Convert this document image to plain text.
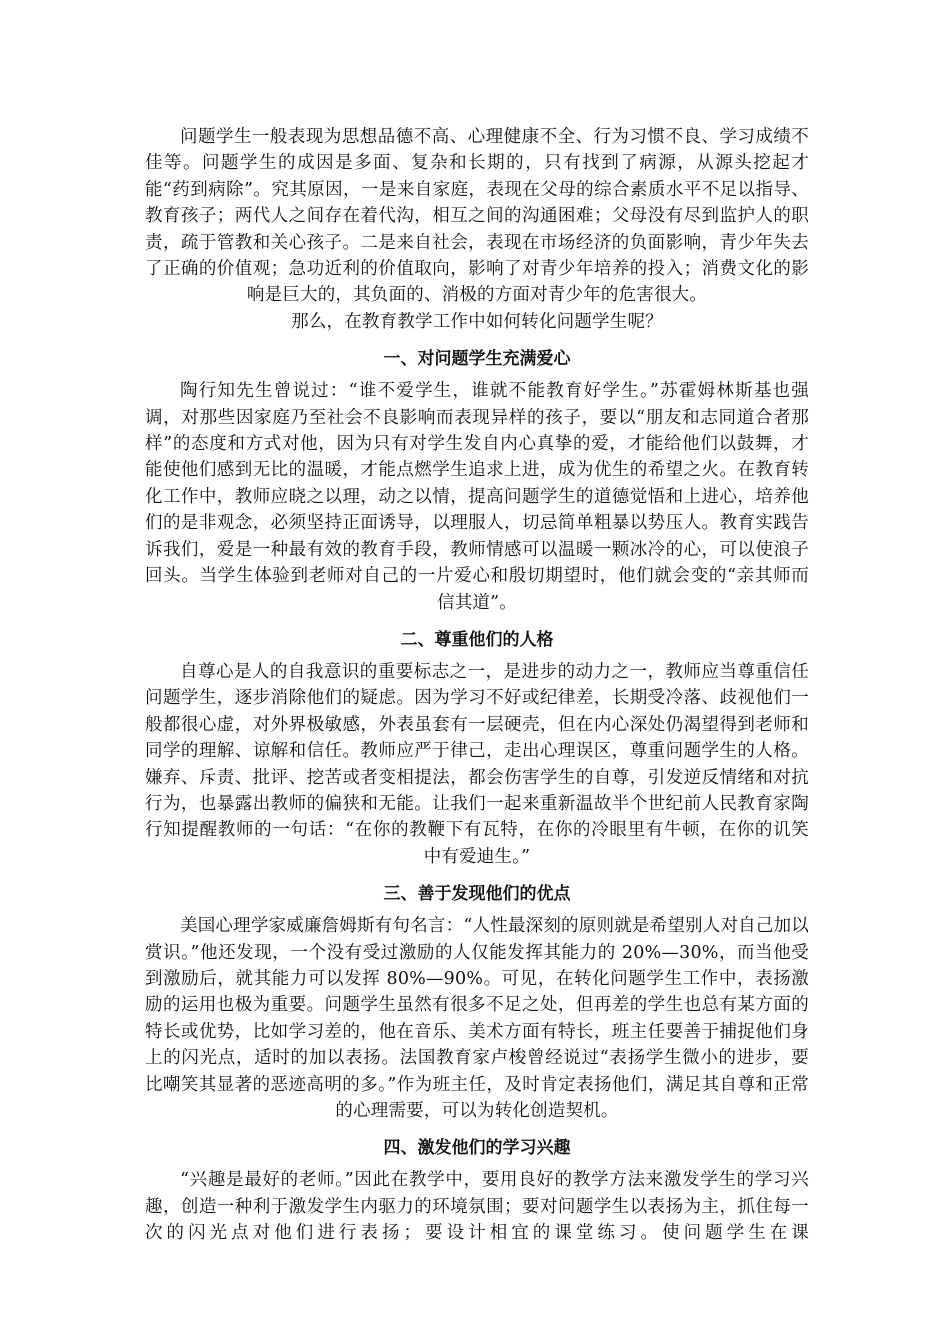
问题学生一般表现为思想品德不高、心理健康不全、行为习惯不良、学习成绩不佳等。问题学生的成因是多面、复杂和长期的，只有找到了病源，从源头挖起才能“药到病除”。究其原因，一是来自家庭，表现在父母的综合素质水平不足以指导、教育孩子；两代人之间存在着代沟，相互之间的沟通困难；父母没有尽到监护人的职责，疏于管教和关心孩子。二是来自社会，表现在市场经济的负面影响，青少年失去了正确的价值观；急功近利的价值取向，影响了对青少年培养的投入；消费文化的影响是巨大的，其负面的、消极的方面对青少年的危害很大。

那么，在教育教学工作中如何转化问题学生呢？

一、对问题学生充满爱心

陶行知先生曾说过：“谁不爱学生，谁就不能教育好学生。”苏霍姆林斯基也强调，对那些因家庭乃至社会不良影响而表现异样的孩子，要以“朋友和志同道合者那样”的态度和方式对他，因为只有对学生发自内心真挚的爱，才能给他们以鼓舞，才能使他们感到无比的温暖，才能点燃学生追求上进，成为优生的希望之火。在教育转化工作中，教师应晓之以理，动之以情，提高问题学生的道德觉悟和上进心，培养他们的是非观念，必须坚持正面诱导，以理服人，切忌简单粗暴以势压人。教育实践告诉我们，爱是一种最有效的教育手段，教师情感可以温暖一颗冰冷的心，可以使浪子回头。当学生体验到老师对自己的一片爱心和殷切期望时，他们就会变的“亲其师而信其道”。

二、尊重他们的人格

自尊心是人的自我意识的重要标志之一，是进步的动力之一，教师应当尊重信任问题学生，逐步消除他们的疑虑。因为学习不好或纪律差，长期受冷落、歧视他们一般都很心虚，对外界极敏感，外表虽套有一层硬壳，但在内心深处仍渴望得到老师和同学的理解、谅解和信任。教师应严于律己，走出心理误区，尊重问题学生的人格。嫌弃、斥责、批评、挖苦或者变相提法，都会伤害学生的自尊，引发逆反情绪和对抗行为，也暴露出教师的偏狭和无能。让我们一起来重新温故半个世纪前人民教育家陶行知提醒教师的一句话：“在你的教鞭下有瓦特，在你的冷眼里有牛顿，在你的讥笑中有爱迪生。”

三、善于发现他们的优点

美国心理学家威廉詹姆斯有句名言：“人性最深刻的原则就是希望别人对自己加以赏识。”他还发现，一个没有受过激励的人仅能发挥其能力的 20%—30%，而当他受到激励后，就其能力可以发挥 80%—90%。可见，在转化问题学生工作中，表扬激励的运用也极为重要。问题学生虽然有很多不足之处，但再差的学生也总有某方面的特长或优势，比如学习差的，他在音乐、美术方面有特长，班主任要善于捕捉他们身上的闪光点，适时的加以表扬。法国教育家卢梭曾经说过“表扬学生微小的进步，要比嘲笑其显著的恶迹高明的多。”作为班主任，及时肯定表扬他们，满足其自尊和正常的心理需要，可以为转化创造契机。

四、激发他们的学习兴趣

“兴趣是最好的老师。”因此在教学中，要用良好的教学方法来激发学生的学习兴趣，创造一种利于激发学生内驱力的环境氛围；要对问题学生以表扬为主，抓住每一次的闪光点对他们进行表扬；要设计相宜的课堂练习。使问题学生在课
